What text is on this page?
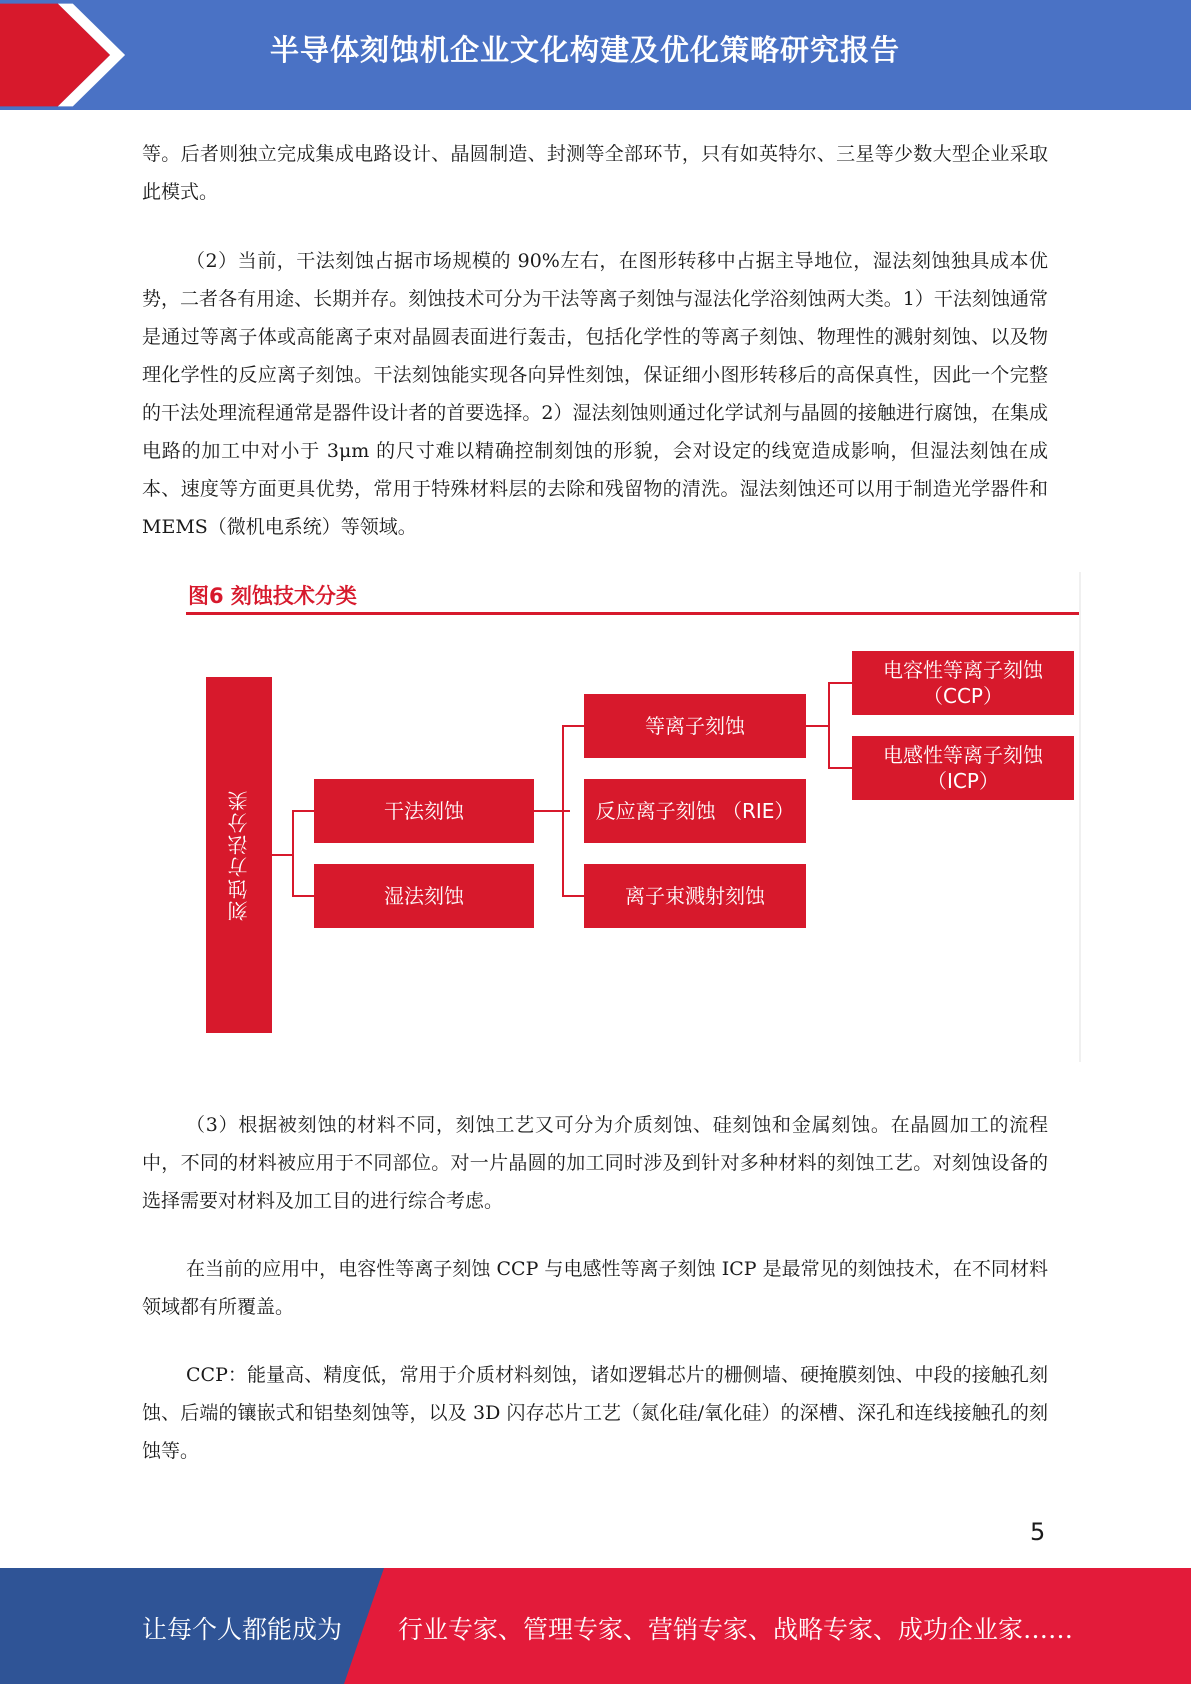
半导体刻蚀机企业文化构建及优化策略研究报告

等。后者则独立完成集成电路设计、晶圆制造、封测等全部环节，只有如英特尔、三星等少数大型企业采取此模式。

（2）当前，干法刻蚀占据市场规模的 90%左右，在图形转移中占据主导地位，湿法刻蚀独具成本优势，二者各有用途、长期并存。刻蚀技术可分为干法等离子刻蚀与湿法化学浴刻蚀两大类。1）干法刻蚀通常是通过等离子体或高能离子束对晶圆表面进行轰击，包括化学性的等离子刻蚀、物理性的溅射刻蚀、以及物理化学性的反应离子刻蚀。干法刻蚀能实现各向异性刻蚀，保证细小图形转移后的高保真性，因此一个完整的干法处理流程通常是器件设计者的首要选择。2）湿法刻蚀则通过化学试剂与晶圆的接触进行腐蚀，在集成电路的加工中对小于 3μm 的尺寸难以精确控制刻蚀的形貌，会对设定的线宽造成影响，但湿法刻蚀在成本、速度等方面更具优势，常用于特殊材料层的去除和残留物的清洗。湿法刻蚀还可以用于制造光学器件和 MEMS（微机电系统）等领域。

（3）根据被刻蚀的材料不同，刻蚀工艺又可分为介质刻蚀、硅刻蚀和金属刻蚀。在晶圆加工的流程中，不同的材料被应用于不同部位。对一片晶圆的加工同时涉及到针对多种材料的刻蚀工艺。对刻蚀设备的选择需要对材料及加工目的进行综合考虑。

在当前的应用中，电容性等离子刻蚀 CCP 与电感性等离子刻蚀 ICP 是最常见的刻蚀技术，在不同材料领域都有所覆盖。

CCP：能量高、精度低，常用于介质材料刻蚀，诸如逻辑芯片的栅侧墙、硬掩膜刻蚀、中段的接触孔刻蚀、后端的镶嵌式和铝垫刻蚀等，以及 3D 闪存芯片工艺（氮化硅/氧化硅）的深槽、深孔和连线接触孔的刻蚀等。

图6 刻蚀技术分类
刻蚀方法分类	干法刻蚀
湿法刻蚀
等离子刻蚀
反应离子刻蚀 （RIE）
离子束溅射刻蚀
电容性等离子刻蚀
（CCP）
电感性等离子刻蚀
（ICP）
5
让每个人都能成为 行业专家、管理专家、营销专家、战略专家、成功企业家……
